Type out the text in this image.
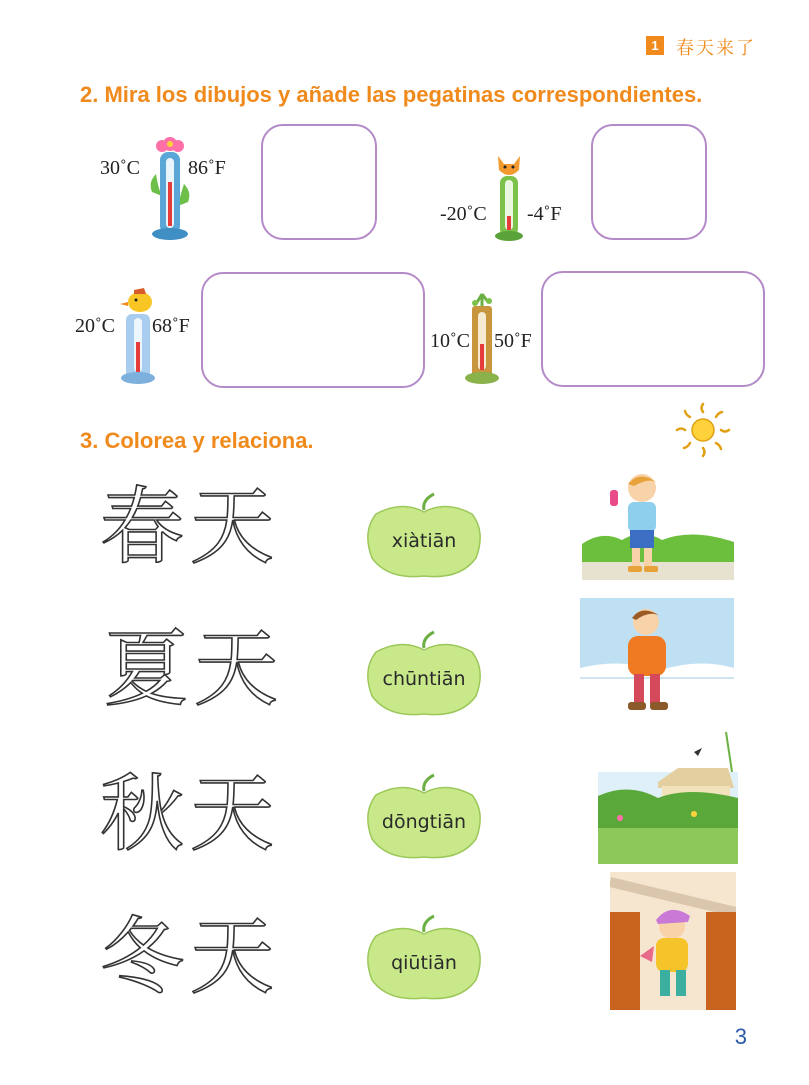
1 春天来了
2. Mira los dibujos y añade las pegatinas correspondientes.
30˚C 86˚F
-20˚C -4˚F
20˚C 68˚F
10˚C 50˚F
3. Colorea y relaciona.
春天	xiàtiān
夏天	chūntiān
秋天	dōngtiān
冬天	qiūtiān
3
